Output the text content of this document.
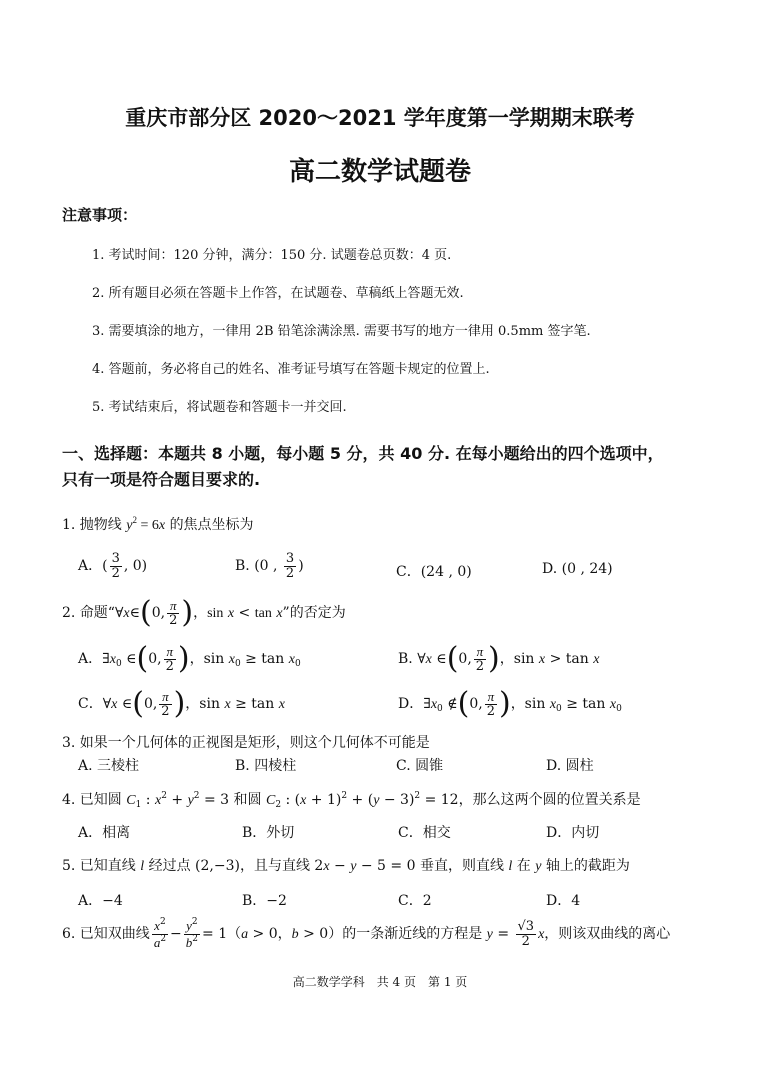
重庆市部分区 2020～2021 学年度第一学期期末联考
高二数学试题卷
注意事项：
1. 考试时间：120 分钟，满分：150 分. 试题卷总页数：4 页.
2. 所有题目必须在答题卡上作答，在试题卷、草稿纸上答题无效.
3. 需要填涂的地方，一律用 2B 铅笔涂满涂黑. 需要书写的地方一律用 0.5mm 签字笔.
4. 答题前，务必将自己的姓名、准考证号填写在答题卡规定的位置上.
5. 考试结束后，将试题卷和答题卡一并交回.
一、选择题：本题共 8 小题，每小题 5 分，共 40 分. 在每小题给出的四个选项中，
只有一项是符合题目要求的.
1. 抛物线 $y^2 = 6x$ 的焦点坐标为
A．( $\frac{3}{2}$ , 0)	B. (0 , $\frac{3}{2}$ )	C．(24 , 0)	D. (0 , 24)
2. 命题“∀x∈(0, $\frac{\pi}{2}$ )，sin x < tan x”的否定为
A．$\exists x_0$ ∈(0, $\frac{\pi}{2}$ )，$\sin x_0 \ge \tan x_0$	B. ∀x ∈(0, $\frac{\pi}{2}$ )，sin x > tan x
C．∀x ∈(0, $\frac{\pi}{2}$ )，sin x ≥ tan x	D．$\exists x_0$ ∉(0, $\frac{\pi}{2}$ )，$\sin x_0 \ge \tan x_0$
3. 如果一个几何体的正视图是矩形，则这个几何体不可能是
A. 三棱柱	B. 四棱柱	C. 圆锥	D. 圆柱
4. 已知圆 $C_1$ : $x^2 + y^2 = 3$ 和圆 $C_2$ : $(x + 1)^2 + (y - 3)^2 = 12$，那么这两个圆的位置关系是
A．相离	B．外切	C．相交	D．内切
5. 已知直线 l 经过点 (2,−3)，且与直线 2x − y − 5 = 0 垂直，则直线 l 在 y 轴上的截距为
A．−4	B．−2	C．2	D．4
6. 已知双曲线 $\frac{x^2}{a^2} - \frac{y^2}{b^2} = 1(a > 0$，b > 0）的一条渐近线的方程是 $y = \frac{√3}{2}$ x，则该双曲线的离心
高二数学学科　共 4 页　第 1 页
